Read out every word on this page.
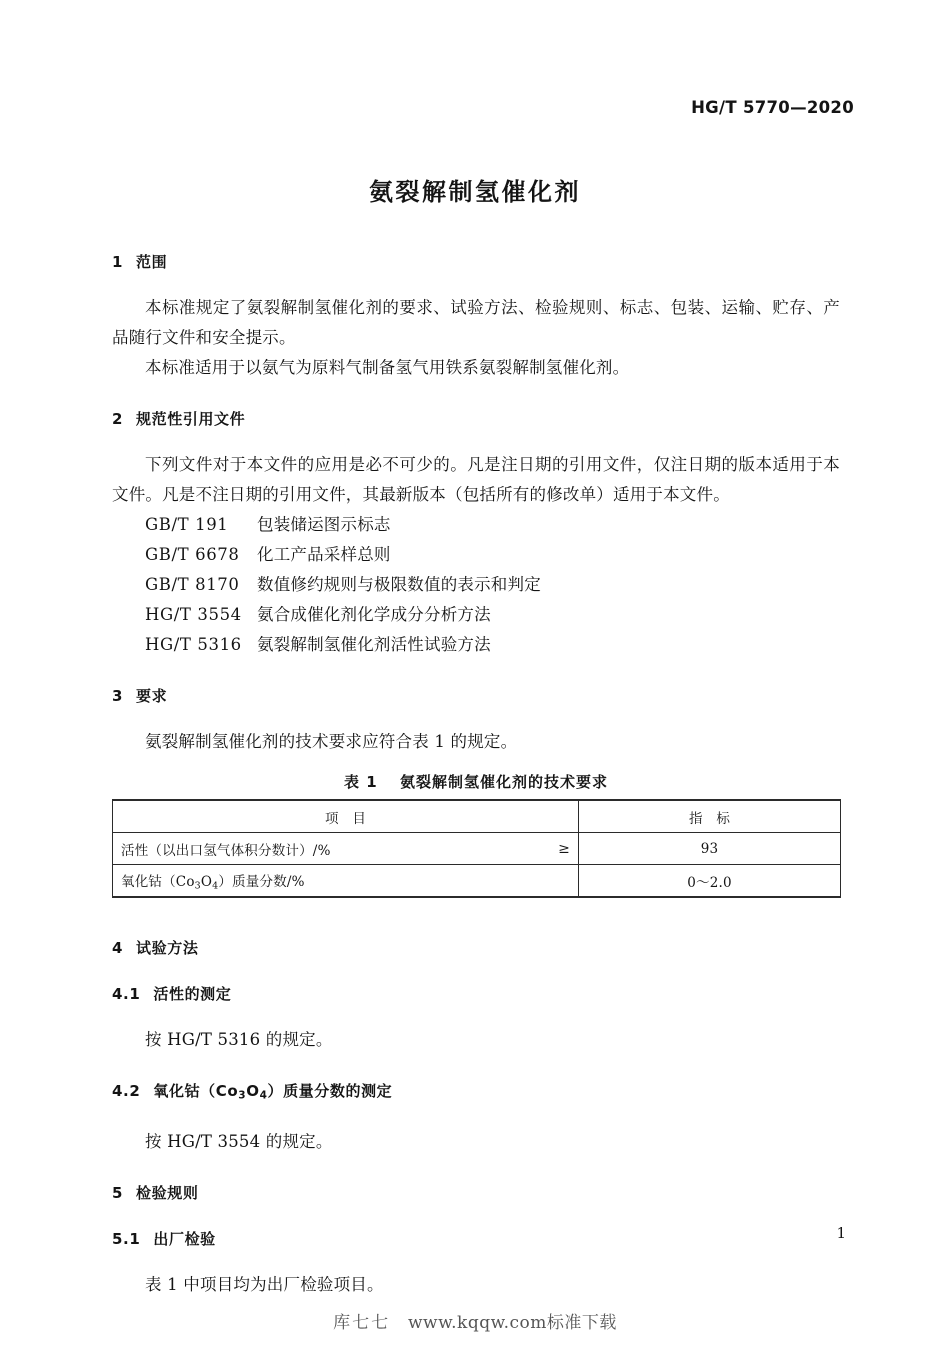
HG/T 5770—2020
氨裂解制氢催化剂
1 范围

本标准规定了氨裂解制氢催化剂的要求、试验方法、检验规则、标志、包装、运输、贮存、产品随行文件和安全提示。

本标准适用于以氨气为原料气制备氢气用铁系氨裂解制氢催化剂。

2 规范性引用文件

下列文件对于本文件的应用是必不可少的。凡是注日期的引用文件，仅注日期的版本适用于本文件。凡是不注日期的引用文件，其最新版本（包括所有的修改单）适用于本文件。

GB/T 191 包装储运图示标志
GB/T 6678 化工产品采样总则
GB/T 8170 数值修约规则与极限数值的表示和判定
HG/T 3554 氨合成催化剂化学成分分析方法
HG/T 5316 氨裂解制氢催化剂活性试验方法
3 要求

氨裂解制氢催化剂的技术要求应符合表 1 的规定。

表 1 氨裂解制氢催化剂的技术要求
项　目	指　标
活性（以出口氢气体积分数计）/% ≥	93
氧化钴$(Co_3O_4)$质量分数/%	0～2.0
4 试验方法
4.1 活性的测定

按 HG/T 5316 的规定。

4.2 氧化钴$(Co_3O_4)$质量分数的测定

按 HG/T 3554 的规定。

5 检验规则
5.1 出厂检验

表 1 中项目均为出厂检验项目。

1
库七七 www.kqqw.com标准下载
